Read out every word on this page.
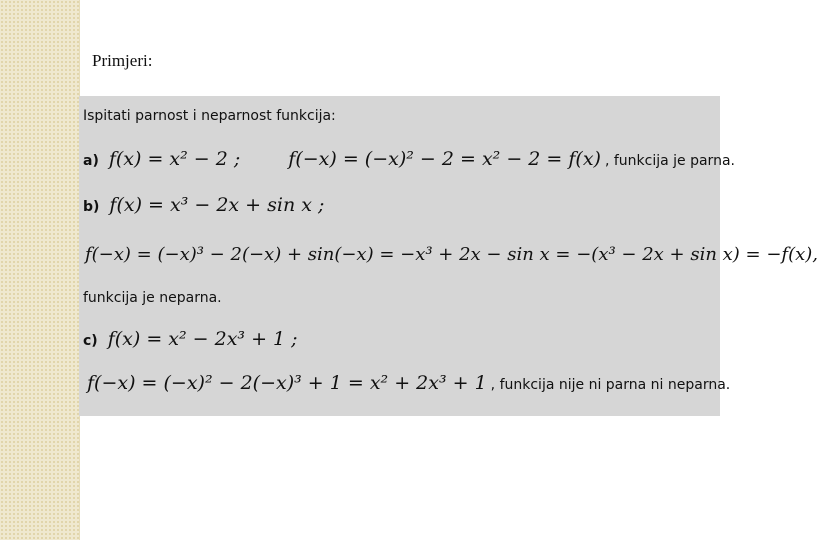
Primjeri:
Ispitati parnost i neparnost funkcija:
a) f(x) = x² − 2 ;	f(−x) = (−x)² − 2 = x² − 2 = f(x) , funkcija je parna.
b) f(x) = x³ − 2x + sin x ;
f(−x) = (−x)³ − 2(−x) + sin(−x) = −x³ + 2x − sin x = −(x³ − 2x + sin x) = −f(x),
funkcija je neparna.
c) f(x) = x² − 2x³ + 1 ;
f(−x) = (−x)² − 2(−x)³ + 1 = x² + 2x³ + 1 , funkcija nije ni parna ni neparna.
